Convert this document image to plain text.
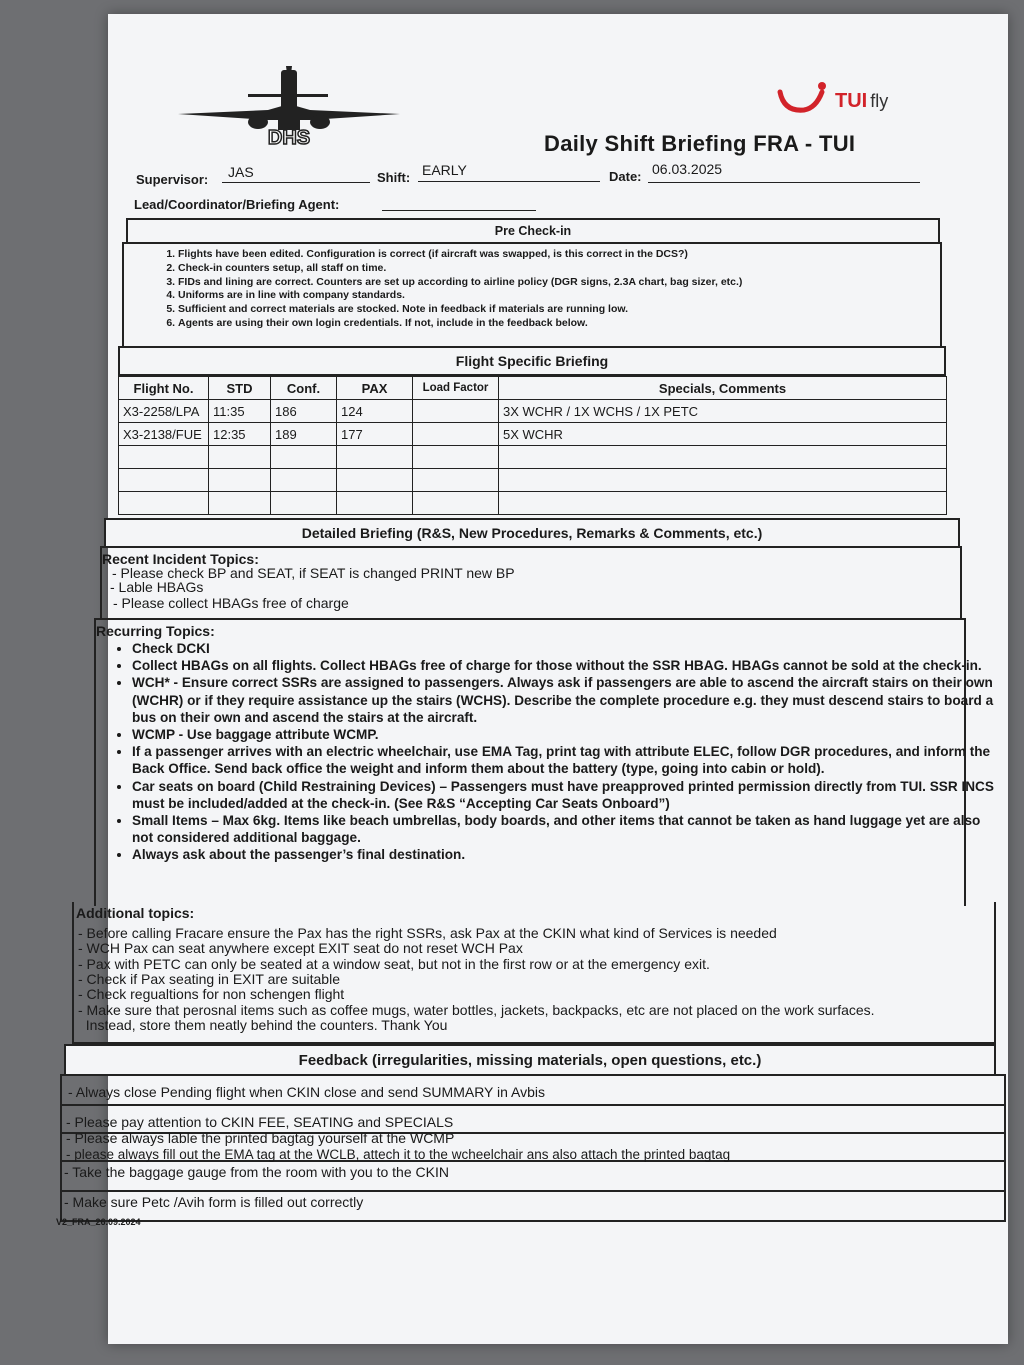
DHS
TUI fly
Daily Shift Briefing FRA - TUI
Supervisor: JAS	Shift: EARLY	Date: 06.03.2025
Lead/Coordinator/Briefing Agent:
Pre Check-in
1. Flights have been edited. Configuration is correct (if aircraft was swapped, is this correct in the DCS?)
2. Check-in counters setup, all staff on time.
3. FIDs and lining are correct. Counters are set up according to airline policy (DGR signs, 2.3A chart, bag sizer, etc.)
4. Uniforms are in line with company standards.
5. Sufficient and correct materials are stocked. Note in feedback if materials are running low.
6. Agents are using their own login credentials. If not, include in the feedback below.
Flight Specific Briefing
Flight No.	STD	Conf.	PAX	Load Factor	Specials, Comments
X3-2258/LPA	11:35	186	124		3X WCHR / 1X WCHS / 1X PETC
X3-2138/FUE	12:35	189	177		5X WCHR

Detailed Briefing (R&S, New Procedures, Remarks & Comments, etc.)
Recent Incident Topics:
- Please check BP and SEAT, if SEAT is changed PRINT new BP
- Lable HBAGs
- Please collect HBAGs free of charge
Recurring Topics:
• Check DCKI
• Collect HBAGs on all flights. Collect HBAGs free of charge for those without the SSR HBAG. HBAGs cannot be sold at the check-in.
• WCH* - Ensure correct SSRs are assigned to passengers. Always ask if passengers are able to ascend the aircraft stairs on their own (WCHR) or if they require assistance up the stairs (WCHS). Describe the complete procedure e.g. they must descend stairs to board a bus on their own and ascend the stairs at the aircraft.
• WCMP - Use baggage attribute WCMP.
• If a passenger arrives with an electric wheelchair, use EMA Tag, print tag with attribute ELEC, follow DGR procedures, and inform the Back Office. Send back office the weight and inform them about the battery (type, going into cabin or hold).
• Car seats on board (Child Restraining Devices) – Passengers must have preapproved printed permission directly from TUI. SSR INCS must be included/added at the check-in. (See R&S “Accepting Car Seats Onboard”)
• Small Items – Max 6kg. Items like beach umbrellas, body boards, and other items that cannot be taken as hand luggage yet are also not considered additional baggage.
• Always ask about the passenger’s final destination.
Additional topics:
- Before calling Fracare ensure the Pax has the right SSRs, ask Pax at the CKIN what kind of Services is needed
- WCH Pax can seat anywhere except EXIT seat do not reset WCH Pax
- Pax with PETC can only be seated at a window seat, but not in the first row or at the emergency exit.
- Check if Pax seating in EXIT are suitable
- Check regualtions for non schengen flight
- Make sure that perosnal items such as coffee mugs, water bottles, jackets, backpacks, etc are not placed on the work surfaces.
Instead, store them neatly behind the counters. Thank You
Feedback (irregularities, missing materials, open questions, etc.)
- Always close Pending flight when CKIN close and send SUMMARY in Avbis
- Please pay attention to CKIN FEE, SEATING and SPECIALS
- Please always lable the printed bagtag yourself at the WCMP
- please always fill out the EMA tag at the WCLB, attech it to the wcheelchair ans also attach the printed bagtag
- Take the baggage gauge from the room with you to the CKIN
- Make sure Petc /Avih form is filled out correctly
V2_FRA_26.09.2024
